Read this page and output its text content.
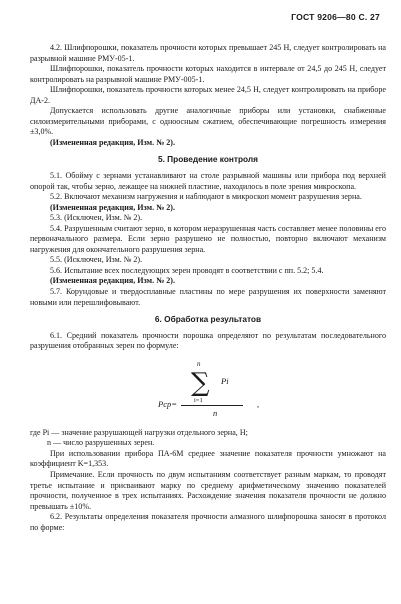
ГОСТ 9206—80 С. 27

4.2. Шлифпорошки, показатель прочности которых превышает 245 Н, следует контролировать на разрывной машине РМУ-05-1.

Шлифпорошки, показатель прочности которых находится в интервале от 24,5 до 245 Н, следует контролировать на разрывной машине РМУ-005-1.

Шлифпорошки, показатель прочности которых менее 24,5 Н, следует контролировать на приборе ДА-2.

Допускается использовать другие аналогичные приборы или установки, снабженные силоизмерительными приборами, с одноосным сжатием, обеспечивающие погрешность измерения ±3,0%.

(Измененная редакция, Изм. № 2).

5. Проведение контроля

5.1. Обойму с зернами устанавливают на столе разрывной машины или прибора под верхней опорой так, чтобы зерно, лежащее на нижней пластине, находилось в поле зрения микроскопа.

5.2. Включают механизм нагружения и наблюдают в микроскоп момент разрушения зерна.

(Измененная редакция, Изм. № 2).

5.3. (Исключен, Изм. № 2).

5.4. Разрушенным считают зерно, в котором неразрушенная часть составляет менее половины его первоначального размера. Если зерно разрушено не полностью, повторно включают механизм нагружения для окончательного разрушения зерна.

5.5. (Исключен, Изм. № 2).

5.6. Испытание всех последующих зерен проводят в соответствии с пп. 5.2; 5.4.

(Измененная редакция, Изм. № 2).

5.7. Корундовые и твердосплавные пластины по мере разрушения их поверхности заменяют новыми или перешлифовывают.

6. Обработка результатов

6.1. Средний показатель прочности порошка определяют по результатам последовательного разрушения отобранных зерен по формуле:

n
∑
i=1
Pi
Pср=
n
,

где Pi — значение разрушающей нагрузки отдельного зерна, Н;

n — число разрушенных зерен.

При использовании прибора ПА-6М среднее значение показателя прочности умножают на коэффициент K=1,353.

Примечание. Если прочность по двум испытаниям соответствует разным маркам, то проводят третье испытание и присваивают марку по среднему арифметическому значению показателей прочности, полученное в трех испытаниях. Расхождение значения показателя прочности не должно превышать ±10%.

6.2. Результаты определения показателя прочности алмазного шлифпорошка заносят в протокол по форме:
